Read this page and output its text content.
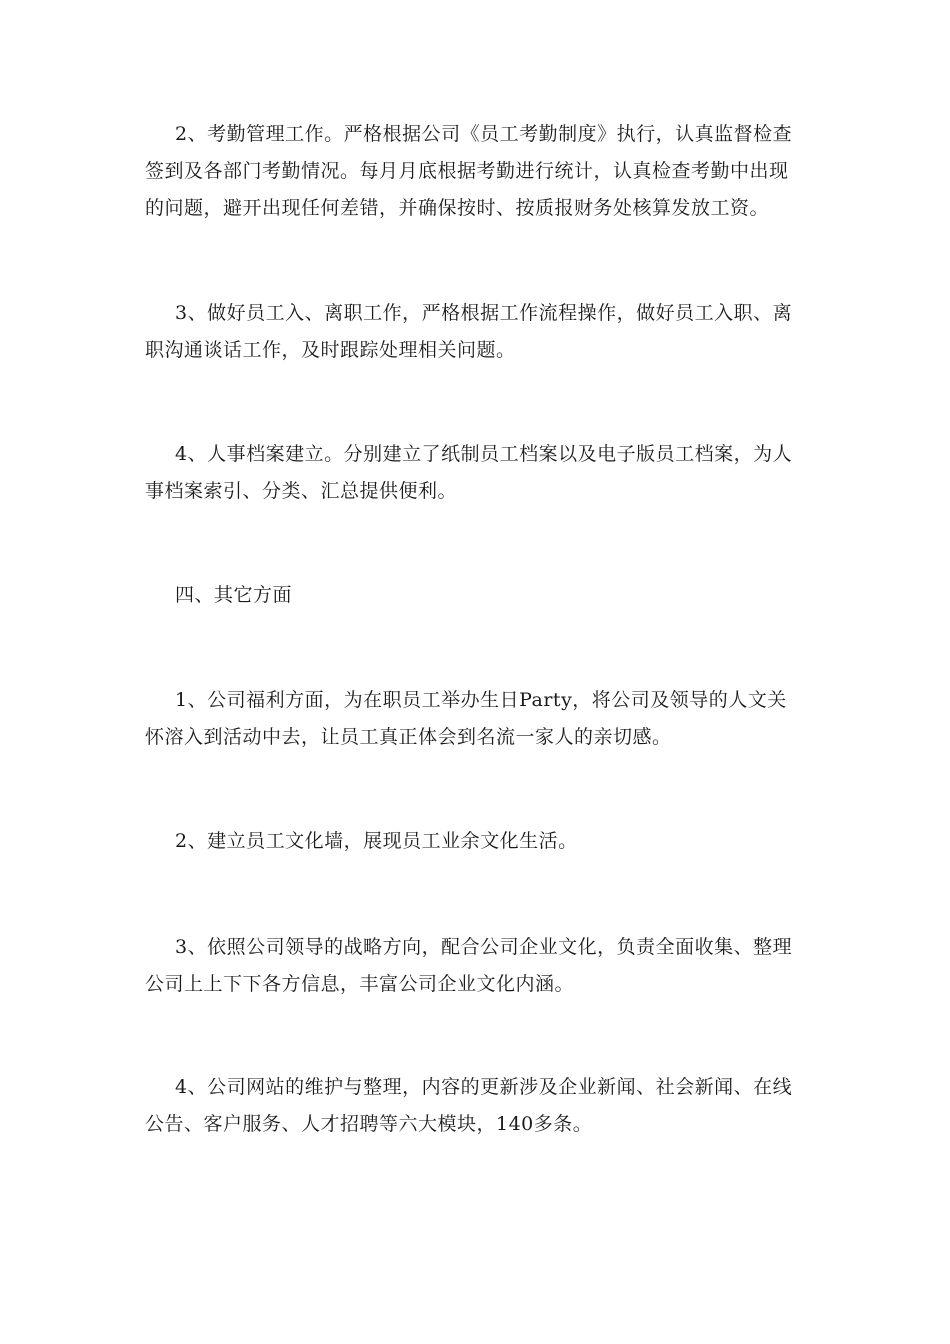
2、考勤管理工作。严格根据公司《员工考勤制度》执行，认真监督检查签到及各部门考勤情况。每月月底根据考勤进行统计，认真检查考勤中出现的问题，避开出现任何差错，并确保按时、按质报财务处核算发放工资。

3、做好员工入、离职工作，严格根据工作流程操作，做好员工入职、离职沟通谈话工作，及时跟踪处理相关问题。

4、人事档案建立。分别建立了纸制员工档案以及电子版员工档案，为人事档案索引、分类、汇总提供便利。

四、其它方面

1、公司福利方面，为在职员工举办生日Party，将公司及领导的人文关怀溶入到活动中去，让员工真正体会到名流一家人的亲切感。

2、建立员工文化墙，展现员工业余文化生活。

3、依照公司领导的战略方向，配合公司企业文化，负责全面收集、整理公司上上下下各方信息，丰富公司企业文化内涵。

4、公司网站的维护与整理，内容的更新涉及企业新闻、社会新闻、在线公告、客户服务、人才招聘等六大模块，140多条。
